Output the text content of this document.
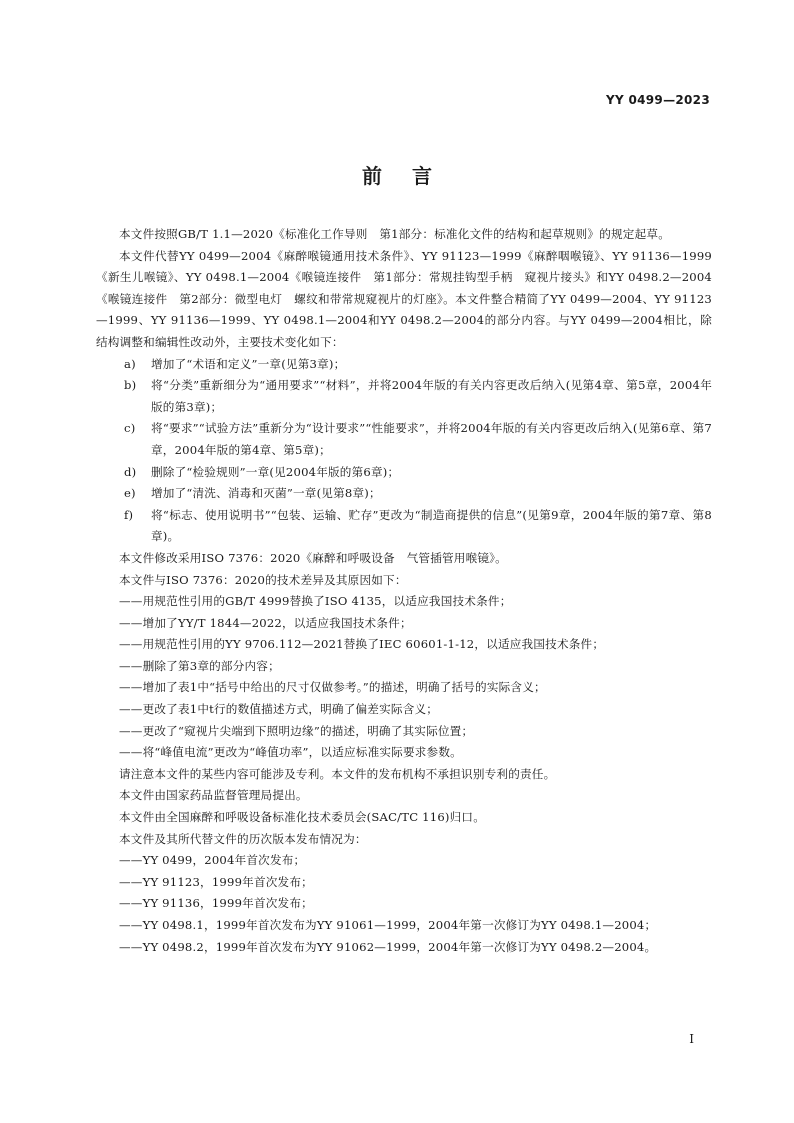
YY 0499—2023
前言

本文件按照GB/T 1.1—2020《标准化工作导则　第1部分：标准化文件的结构和起草规则》的规定起草。

本文件代替YY 0499—2004《麻醉喉镜通用技术条件》、YY 91123—1999《麻醉咽喉镜》、YY 91136—1999《新生儿喉镜》、YY 0498.1—2004《喉镜连接件　第1部分：常规挂钩型手柄　窥视片接头》和YY 0498.2—2004《喉镜连接件　第2部分：微型电灯　螺纹和带常规窥视片的灯座》。本文件整合精简了YY 0499—2004、YY 91123—1999、YY 91136—1999、YY 0498.1—2004和YY 0498.2—2004的部分内容。与YY 0499—2004相比，除结构调整和编辑性改动外，主要技术变化如下：

a) 增加了“术语和定义”一章(见第3章)；
b) 将“分类”重新细分为“通用要求”“材料”，并将2004年版的有关内容更改后纳入(见第4章、第5章，2004年版的第3章)；
c) 将“要求”“试验方法”重新分为“设计要求”“性能要求”，并将2004年版的有关内容更改后纳入(见第6章、第7章，2004年版的第4章、第5章)；
d) 删除了“检验规则”一章(见2004年版的第6章)；
e) 增加了“清洗、消毒和灭菌”一章(见第8章)；
f) 将“标志、使用说明书”“包装、运输、贮存”更改为“制造商提供的信息”(见第9章，2004年版的第7章、第8章)。

本文件修改采用ISO 7376：2020《麻醉和呼吸设备　气管插管用喉镜》。

本文件与ISO 7376：2020的技术差异及其原因如下：

——用规范性引用的GB/T 4999替换了ISO 4135，以适应我国技术条件；

——增加了YY/T 1844—2022，以适应我国技术条件；

——用规范性引用的YY 9706.112—2021替换了IEC 60601-1-12，以适应我国技术条件；

——删除了第3章的部分内容；

——增加了表1中“括号中给出的尺寸仅做参考。”的描述，明确了括号的实际含义；

——更改了表1中t行的数值描述方式，明确了偏差实际含义；

——更改了“窥视片尖端到下照明边缘”的描述，明确了其实际位置；

——将“峰值电流”更改为“峰值功率”，以适应标准实际要求参数。

请注意本文件的某些内容可能涉及专利。本文件的发布机构不承担识别专利的责任。

本文件由国家药品监督管理局提出。

本文件由全国麻醉和呼吸设备标准化技术委员会(SAC/TC 116)归口。

本文件及其所代替文件的历次版本发布情况为：

——YY 0499，2004年首次发布；

——YY 91123，1999年首次发布；

——YY 91136，1999年首次发布；

——YY 0498.1，1999年首次发布为YY 91061—1999，2004年第一次修订为YY 0498.1—2004；

——YY 0498.2，1999年首次发布为YY 91062—1999，2004年第一次修订为YY 0498.2—2004。

I
